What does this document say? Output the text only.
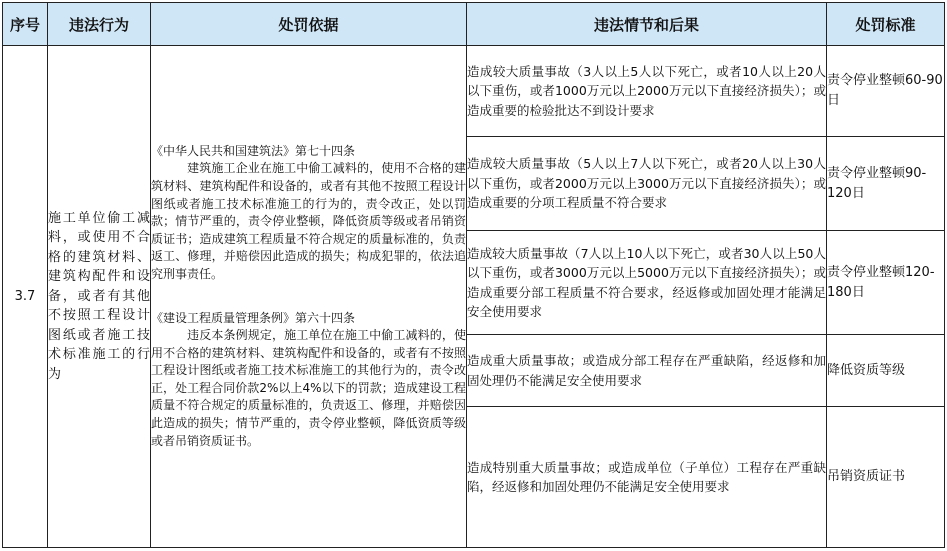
序号	违法行为	处罚依据	违法情节和后果	处罚标准
3.7	施工单位偷工减料，或使用不合格的建筑材料、建筑构配件和设备，或者有其他不按照工程设计图纸或者施工技术标准施工的行为	《中华人民共和国建筑法》第七十四条

建筑施工企业在施工中偷工减料的，使用不合格的建筑材料、建筑构配件和设备的，或者有其他不按照工程设计图纸或者施工技术标准施工的行为的，责令改正，处以罚款；情节严重的，责令停业整顿，降低资质等级或者吊销资质证书；造成建筑工程质量不符合规定的质量标准的，负责返工、修理，并赔偿因此造成的损失；构成犯罪的，依法追究刑事责任。

《建设工程质量管理条例》第六十四条

违反本条例规定，施工单位在施工中偷工减料的，使用不合格的建筑材料、建筑构配件和设备的，或者有不按照工程设计图纸或者施工技术标准施工的其他行为的，责令改正，处工程合同价款2%以上4%以下的罚款；造成建设工程质量不符合规定的质量标准的，负责返工、修理，并赔偿因此造成的损失；情节严重的，责令停业整顿，降低资质等级或者吊销资质证书。	造成较大质量事故（3人以上5人以下死亡，或者10人以上20人以下重伤，或者1000万元以上2000万元以下直接经济损失）；或造成重要的检验批达不到设计要求	责令停业整顿60-90日
			造成较大质量事故（5人以上7人以下死亡，或者20人以上30人以下重伤，或者2000万元以上3000万元以下直接经济损失）；或造成重要的分项工程质量不符合要求	责令停业整顿90-120日
			造成较大质量事故（7人以上10人以下死亡，或者30人以上50人以下重伤，或者3000万元以上5000万元以下直接经济损失）；或造成重要分部工程质量不符合要求，经返修或加固处理才能满足安全使用要求	责令停业整顿120-180日
			造成重大质量事故；或造成分部工程存在严重缺陷，经返修和加固处理仍不能满足安全使用要求	降低资质等级
			造成特别重大质量事故；或造成单位（子单位）工程存在严重缺陷，经返修和加固处理仍不能满足安全使用要求	吊销资质证书
